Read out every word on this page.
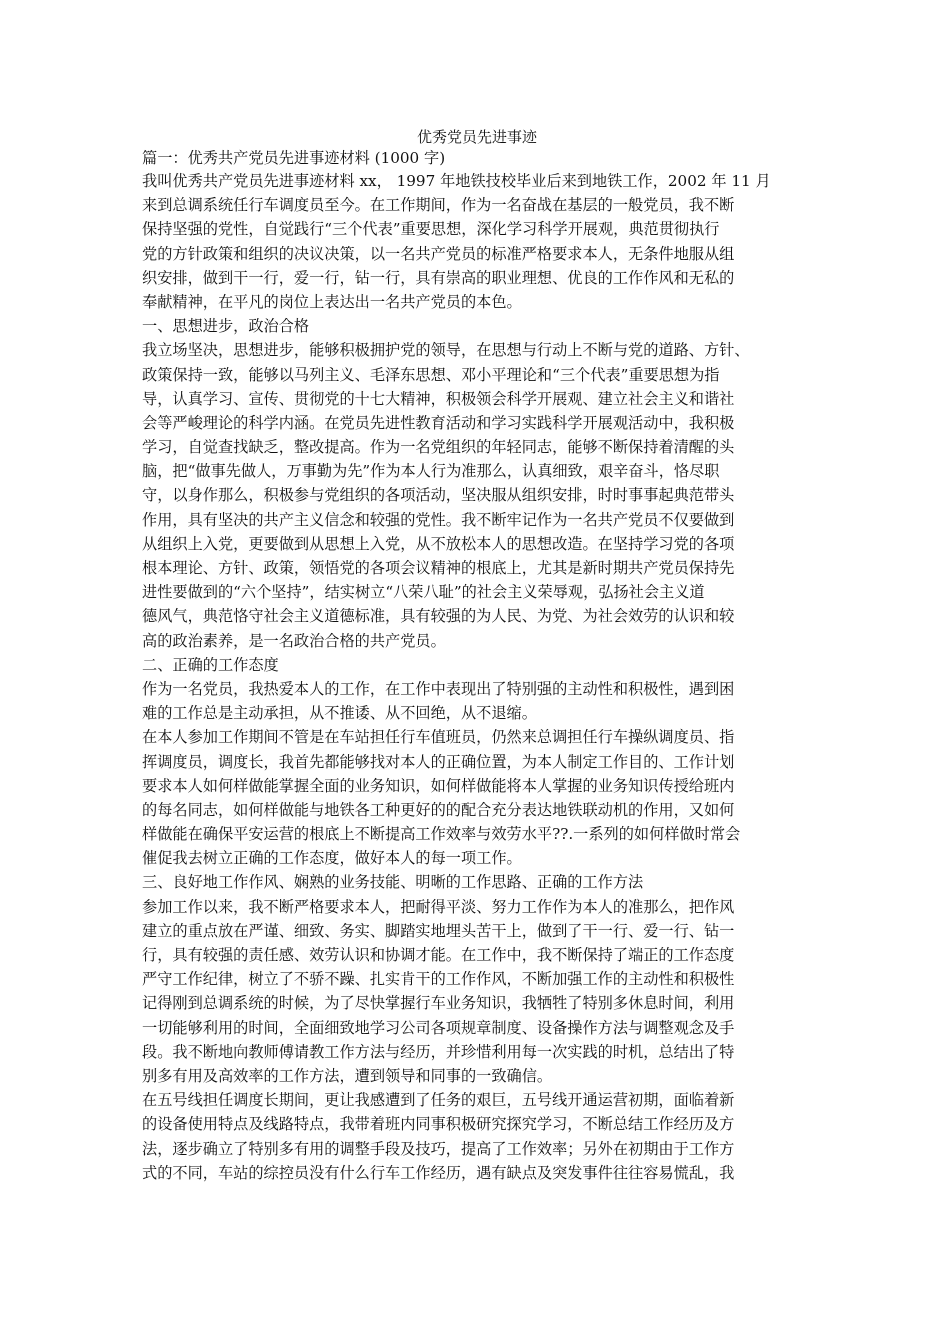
优秀党员先进事迹
篇一：优秀共产党员先进事迹材料 (1000 字)
我叫优秀共产党员先进事迹材料 xx， 1997 年地铁技校毕业后来到地铁工作，2002 年 11 月
来到总调系统任行车调度员至今。在工作期间，作为一名奋战在基层的一般党员，我不断
保持坚强的党性，自觉践行“三个代表”重要思想，深化学习科学开展观，典范贯彻执行
党的方针政策和组织的决议决策，以一名共产党员的标准严格要求本人，无条件地服从组
织安排，做到干一行，爱一行，钻一行，具有崇高的职业理想、优良的工作作风和无私的
奉献精神，在平凡的岗位上表达出一名共产党员的本色。
一、思想进步，政治合格
我立场坚决，思想进步，能够积极拥护党的领导，在思想与行动上不断与党的道路、方针、
政策保持一致，能够以马列主义、毛泽东思想、邓小平理论和“三个代表”重要思想为指
导，认真学习、宣传、贯彻党的十七大精神，积极领会科学开展观、建立社会主义和谐社
会等严峻理论的科学内涵。在党员先进性教育活动和学习实践科学开展观活动中，我积极
学习，自觉查找缺乏，整改提高。作为一名党组织的年轻同志，能够不断保持着清醒的头
脑，把“做事先做人，万事勤为先”作为本人行为准那么，认真细致，艰辛奋斗，恪尽职
守，以身作那么，积极参与党组织的各项活动，坚决服从组织安排，时时事事起典范带头
作用，具有坚决的共产主义信念和较强的党性。我不断牢记作为一名共产党员不仅要做到
从组织上入党，更要做到从思想上入党，从不放松本人的思想改造。在坚持学习党的各项
根本理论、方针、政策，领悟党的各项会议精神的根底上，尤其是新时期共产党员保持先
进性要做到的“六个坚持”，结实树立“八荣八耻”的社会主义荣辱观，弘扬社会主义道
德风气，典范恪守社会主义道德标准，具有较强的为人民、为党、为社会效劳的认识和较
高的政治素养，是一名政治合格的共产党员。
二、正确的工作态度
作为一名党员，我热爱本人的工作，在工作中表现出了特别强的主动性和积极性，遇到困
难的工作总是主动承担，从不推诿、从不回绝，从不退缩。
在本人参加工作期间不管是在车站担任行车值班员，仍然来总调担任行车操纵调度员、指
挥调度员，调度长，我首先都能够找对本人的正确位置，为本人制定工作目的、工作计划
要求本人如何样做能掌握全面的业务知识，如何样做能将本人掌握的业务知识传授给班内
的每名同志，如何样做能与地铁各工种更好的的配合充分表达地铁联动机的作用，又如何
样做能在确保平安运营的根底上不断提高工作效率与效劳水平??.一系列的如何样做时常会
催促我去树立正确的工作态度，做好本人的每一项工作。
三、良好地工作作风、娴熟的业务技能、明晰的工作思路、正确的工作方法
参加工作以来，我不断严格要求本人，把耐得平淡、努力工作作为本人的准那么，把作风
建立的重点放在严谨、细致、务实、脚踏实地埋头苦干上，做到了干一行、爱一行、钻一
行，具有较强的责任感、效劳认识和协调才能。在工作中，我不断保持了端正的工作态度
严守工作纪律，树立了不骄不躁、扎实肯干的工作作风，不断加强工作的主动性和积极性
记得刚到总调系统的时候，为了尽快掌握行车业务知识，我牺牲了特别多休息时间，利用
一切能够利用的时间，全面细致地学习公司各项规章制度、设备操作方法与调整观念及手
段。我不断地向教师傅请教工作方法与经历，并珍惜利用每一次实践的时机，总结出了特
别多有用及高效率的工作方法，遭到领导和同事的一致确信。
在五号线担任调度长期间，更让我感遭到了任务的艰巨，五号线开通运营初期，面临着新
的设备使用特点及线路特点，我带着班内同事积极研究探究学习，不断总结工作经历及方
法，逐步确立了特别多有用的调整手段及技巧，提高了工作效率；另外在初期由于工作方
式的不同，车站的综控员没有什么行车工作经历，遇有缺点及突发事件往往容易慌乱，我
